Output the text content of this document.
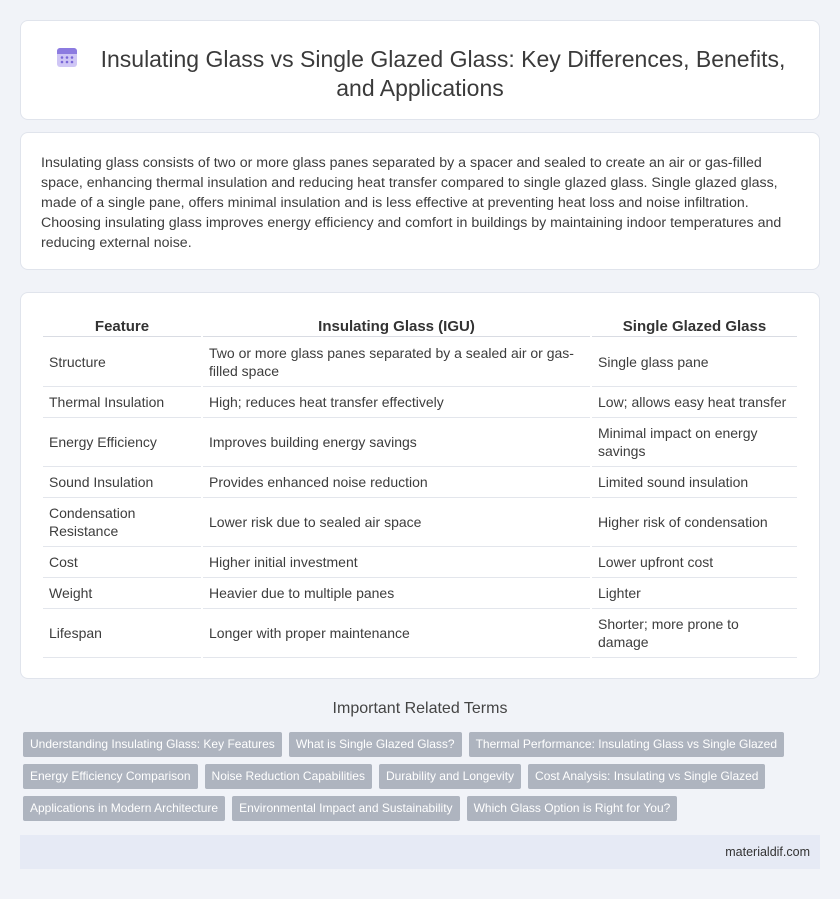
Insulating Glass vs Single Glazed Glass: Key Differences, Benefits, and Applications

Insulating glass consists of two or more glass panes separated by a spacer and sealed to create an air or gas-filled space, enhancing thermal insulation and reducing heat transfer compared to single glazed glass. Single glazed glass, made of a single pane, offers minimal insulation and is less effective at preventing heat loss and noise infiltration. Choosing insulating glass improves energy efficiency and comfort in buildings by maintaining indoor temperatures and reducing external noise.

Feature	Insulating Glass (IGU)	Single Glazed Glass
Structure	Two or more glass panes separated by a sealed air or gas-filled space	Single glass pane
Thermal Insulation	High; reduces heat transfer effectively	Low; allows easy heat transfer
Energy Efficiency	Improves building energy savings	Minimal impact on energy savings
Sound Insulation	Provides enhanced noise reduction	Limited sound insulation
Condensation Resistance	Lower risk due to sealed air space	Higher risk of condensation
Cost	Higher initial investment	Lower upfront cost
Weight	Heavier due to multiple panes	Lighter
Lifespan	Longer with proper maintenance	Shorter; more prone to damage
Important Related Terms
Understanding Insulating Glass: Key Features	What is Single Glazed Glass?	Thermal Performance: Insulating Glass vs Single Glazed
Energy Efficiency Comparison	Noise Reduction Capabilities	Durability and Longevity	Cost Analysis: Insulating vs Single Glazed
Applications in Modern Architecture	Environmental Impact and Sustainability	Which Glass Option is Right for You?
materialdif.com
